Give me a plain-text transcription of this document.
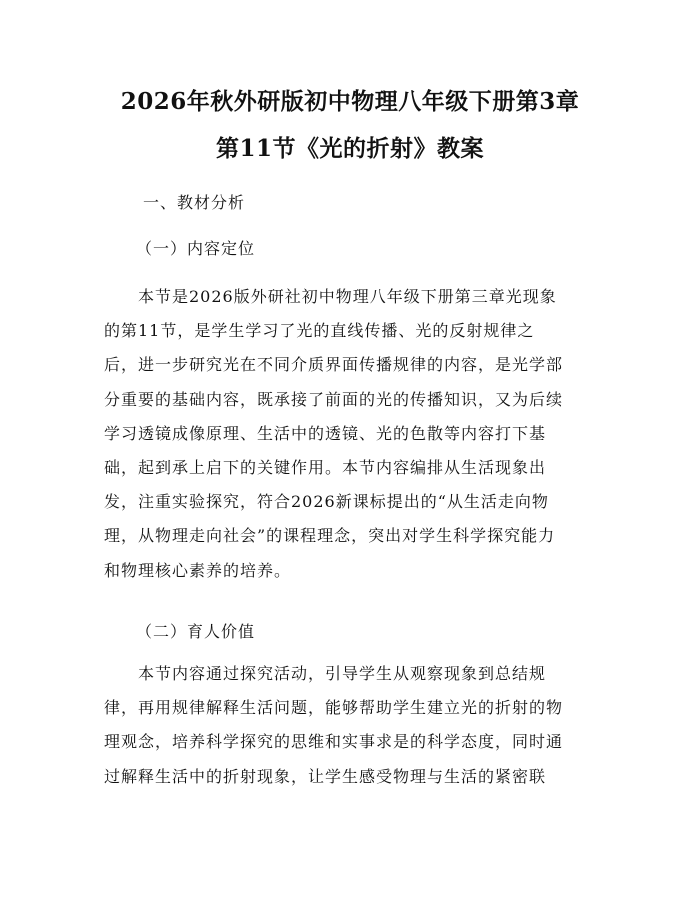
2026年秋外研版初中物理八年级下册第3章
第11节《光的折射》教案
一、教材分析
（一）内容定位
　　本节是2026版外研社初中物理八年级下册第三章光现象
的第11节，是学生学习了光的直线传播、光的反射规律之
后，进一步研究光在不同介质界面传播规律的内容，是光学部
分重要的基础内容，既承接了前面的光的传播知识，又为后续
学习透镜成像原理、生活中的透镜、光的色散等内容打下基
础，起到承上启下的关键作用。本节内容编排从生活现象出
发，注重实验探究，符合2026新课标提出的“从生活走向物
理，从物理走向社会”的课程理念，突出对学生科学探究能力
和物理核心素养的培养。
（二）育人价值
　　本节内容通过探究活动，引导学生从观察现象到总结规
律，再用规律解释生活问题，能够帮助学生建立光的折射的物
理观念，培养科学探究的思维和实事求是的科学态度，同时通
过解释生活中的折射现象，让学生感受物理与生活的紧密联
